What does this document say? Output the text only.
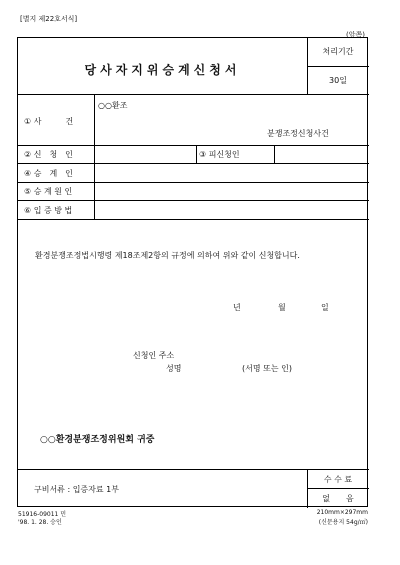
[별지 제22호서식]
(앞쪽)
당사자지위승계신청서
처리기간
30일
① 사　　　건
○○환조
분쟁조정신청사건
② 신　청　인	③ 피신청인
④ 승　계　인
⑤ 승 계 원 인
⑥ 입 증 방 법
환경분쟁조정법시행령 제18조제2항의 규정에 의하여 위와 같이 신청합니다.
년	월	일
신청인 주소
성명	(서명 또는 인)
○○환경분쟁조정위원회 귀중
구비서류 : 입증자료 1부
수 수 료
없　　음
51916-09011 민
'98. 1. 28. 승인
210mm×297mm
(신문용지 54g/㎡)
